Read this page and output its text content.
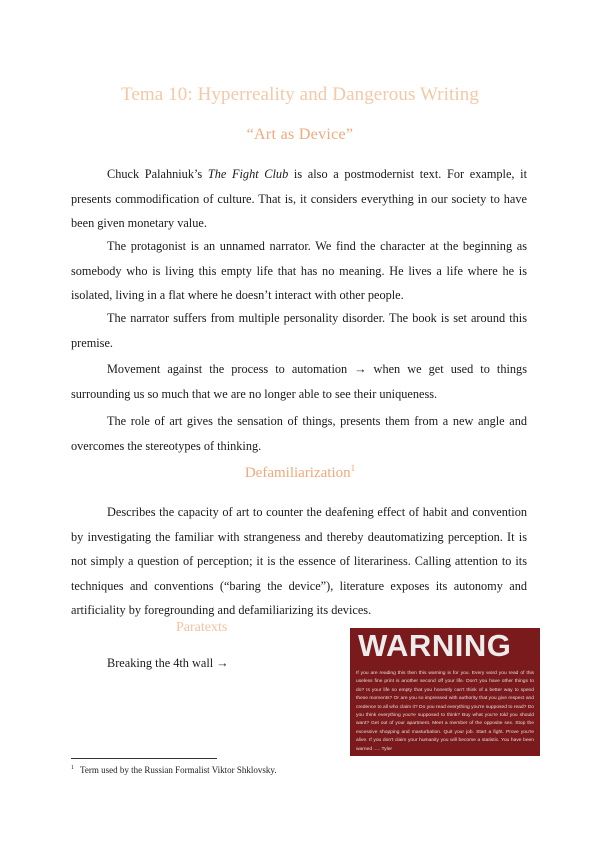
Tema 10: Hyperreality and Dangerous Writing
“Art as Device”

Chuck Palahniuk’s The Fight Club is also a postmodernist text. For example, it presents commodification of culture. That is, it considers everything in our society to have been given monetary value.

The protagonist is an unnamed narrator. We find the character at the beginning as somebody who is living this empty life that has no meaning. He lives a life where he is isolated, living in a flat where he doesn’t interact with other people.

The narrator suffers from multiple personality disorder. The book is set around this premise.

Movement against the process to automation → when we get used to things surrounding us so much that we are no longer able to see their uniqueness.

The role of art gives the sensation of things, presents them from a new angle and overcomes the stereotypes of thinking.

Defamiliarization$^1$

Describes the capacity of art to counter the deafening effect of habit and convention by investigating the familiar with strangeness and thereby deautomatizing perception. It is not simply a question of perception; it is the essence of literariness. Calling attention to its techniques and conventions (“baring the device”), literature exposes its autonomy and artificiality by foregrounding and defamiliarizing its devices.

Paratexts
Breaking the 4th wall →	WARNING
If you are reading this then this warning is for you. Every word you read of this useless fine print is another second off your life. Don't you have other things to do? Is your life so empty that you honestly can't think of a better way to spend these moments? Or are you so impressed with authority that you give respect and credence to all who claim it? Do you read everything you're supposed to read? Do you think everything you're supposed to think? Buy what you're told you should want? Get out of your apartment. Meet a member of the opposite sex. Stop the excessive shopping and masturbation. Quit your job. Start a fight. Prove you're alive. If you don't claim your humanity you will become a statistic. You have been warned ..... Tyler
$^1$ Term used by the Russian Formalist Viktor Shklovsky.
